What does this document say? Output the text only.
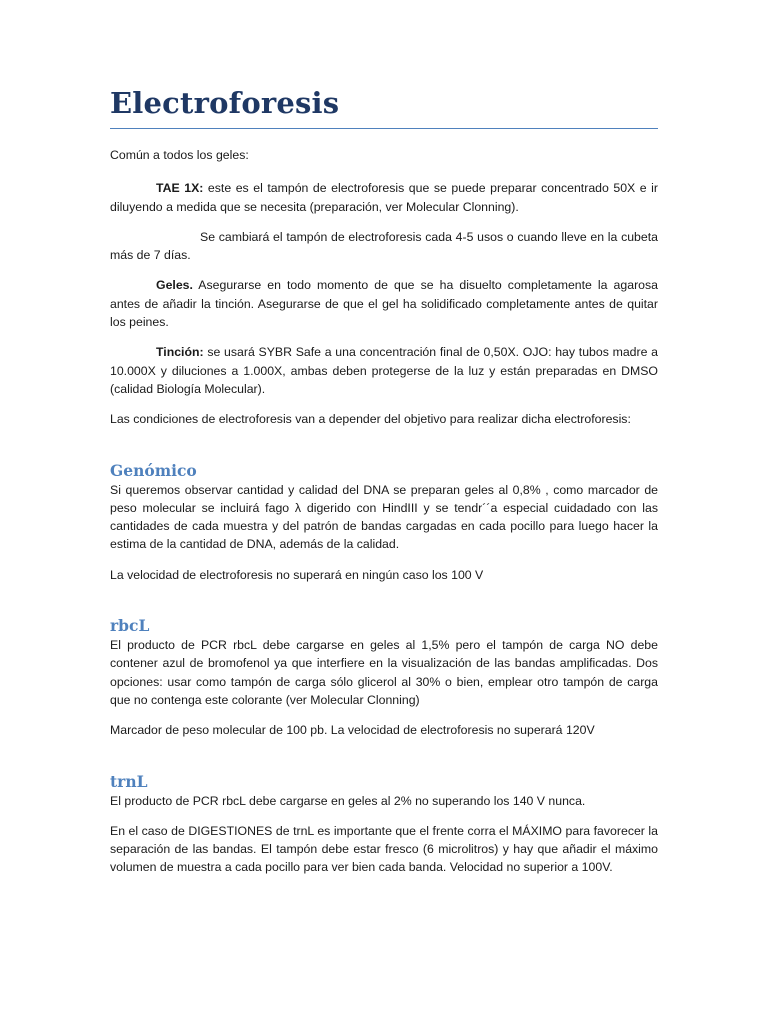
Electroforesis

Común a todos los geles:

TAE 1X: este es el tampón de electroforesis que se puede preparar concentrado 50X e ir diluyendo a medida que se necesita (preparación, ver Molecular Clonning).

Se cambiará el tampón de electroforesis cada 4-5 usos o cuando lleve en la cubeta más de 7 días.

Geles. Asegurarse en todo momento de que se ha disuelto completamente la agarosa antes de añadir la tinción. Asegurarse de que el gel ha solidificado completamente antes de quitar los peines.

Tinción: se usará SYBR Safe a una concentración final de 0,50X. OJO: hay tubos madre a 10.000X y diluciones a 1.000X, ambas deben protegerse de la luz y están preparadas en DMSO (calidad Biología Molecular).

Las condiciones de electroforesis van a depender del objetivo para realizar dicha electroforesis:

Genómico

Si queremos observar cantidad y calidad del DNA se preparan geles al 0,8% , como marcador de peso molecular se incluirá fago λ digerido con HindIII y se tendr´´a especial cuidadado con las cantidades de cada muestra y del patrón de bandas cargadas en cada pocillo para luego hacer la estima de la cantidad de DNA, además de la calidad.

La velocidad de electroforesis no superará en ningún caso los 100 V

rbcL

El producto de PCR rbcL debe cargarse en geles al 1,5% pero el tampón de carga NO debe contener azul de bromofenol ya que interfiere en la visualización de las bandas amplificadas. Dos opciones: usar como tampón de carga sólo glicerol al 30% o bien, emplear otro tampón de carga que no contenga este colorante (ver Molecular Clonning)

Marcador de peso molecular de 100 pb. La velocidad de electroforesis no superará 120V

trnL

El producto de PCR rbcL debe cargarse en geles al 2% no superando los 140 V nunca.

En el caso de DIGESTIONES de trnL es importante que el frente corra el MÁXIMO para favorecer la separación de las bandas. El tampón debe estar fresco (6 microlitros) y hay que añadir el máximo volumen de muestra a cada pocillo para ver bien cada banda. Velocidad no superior a 100V.
